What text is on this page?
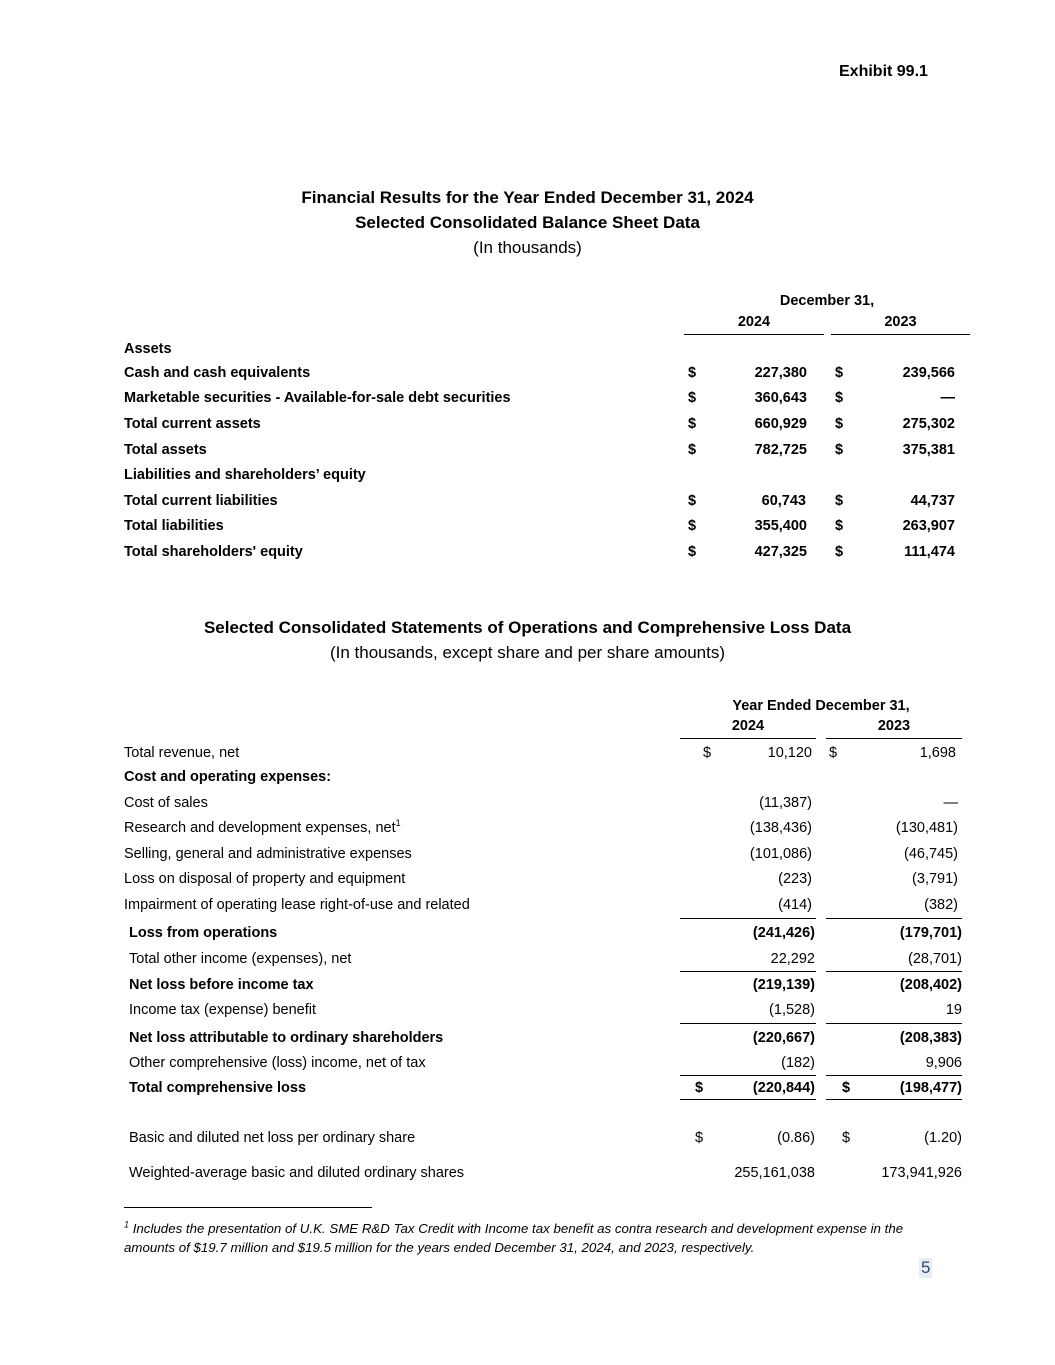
Exhibit 99.1
Financial Results for the Year Ended December 31, 2024
Selected Consolidated Balance Sheet Data
(In thousands)
December 31,
2024	2023
Assets
Cash and cash equivalents	$	227,380 $	239,566
Marketable securities - Available-for-sale debt securities	$	360,643 $	—
Total current assets	$	660,929 $	275,302
Total assets	$	782,725 $	375,381
Liabilities and shareholders’ equity
Total current liabilities	$	60,743 $	44,737
Total liabilities	$	355,400 $	263,907
Total shareholders' equity	$	427,325 $	111,474
Selected Consolidated Statements of Operations and Comprehensive Loss Data
(In thousands, except share and per share amounts)
Year Ended December 31,
2024	2023
Total revenue, net	$	10,120 $	1,698
Cost and operating expenses:
Cost of sales	(11,387)	—
Research and development expenses, net$^1$	(138,436)	(130,481)
Selling, general and administrative expenses	(101,086)	(46,745)
Loss on disposal of property and equipment	(223)	(3,791)
Impairment of operating lease right-of-use and related	(414)	(382)
Loss from operations	(241,426)	(179,701)
Total other income (expenses), net	22,292	(28,701)
Net loss before income tax	(219,139)	(208,402)
Income tax (expense) benefit	(1,528)	19
Net loss attributable to ordinary shareholders	(220,667)	(208,383)
Other comprehensive (loss) income, net of tax	(182)	9,906
Total comprehensive loss	$	(220,844) $	(198,477)
Basic and diluted net loss per ordinary share	$	(0.86) $	(1.20)
Weighted-average basic and diluted ordinary shares	255,161,038	173,941,926
$^1$ Includes the presentation of U.K. SME R&D Tax Credit with Income tax benefit as contra research and development expense in the amounts of $19.7 million and $19.5 million for the years ended December 31, 2024, and 2023, respectively.
5
